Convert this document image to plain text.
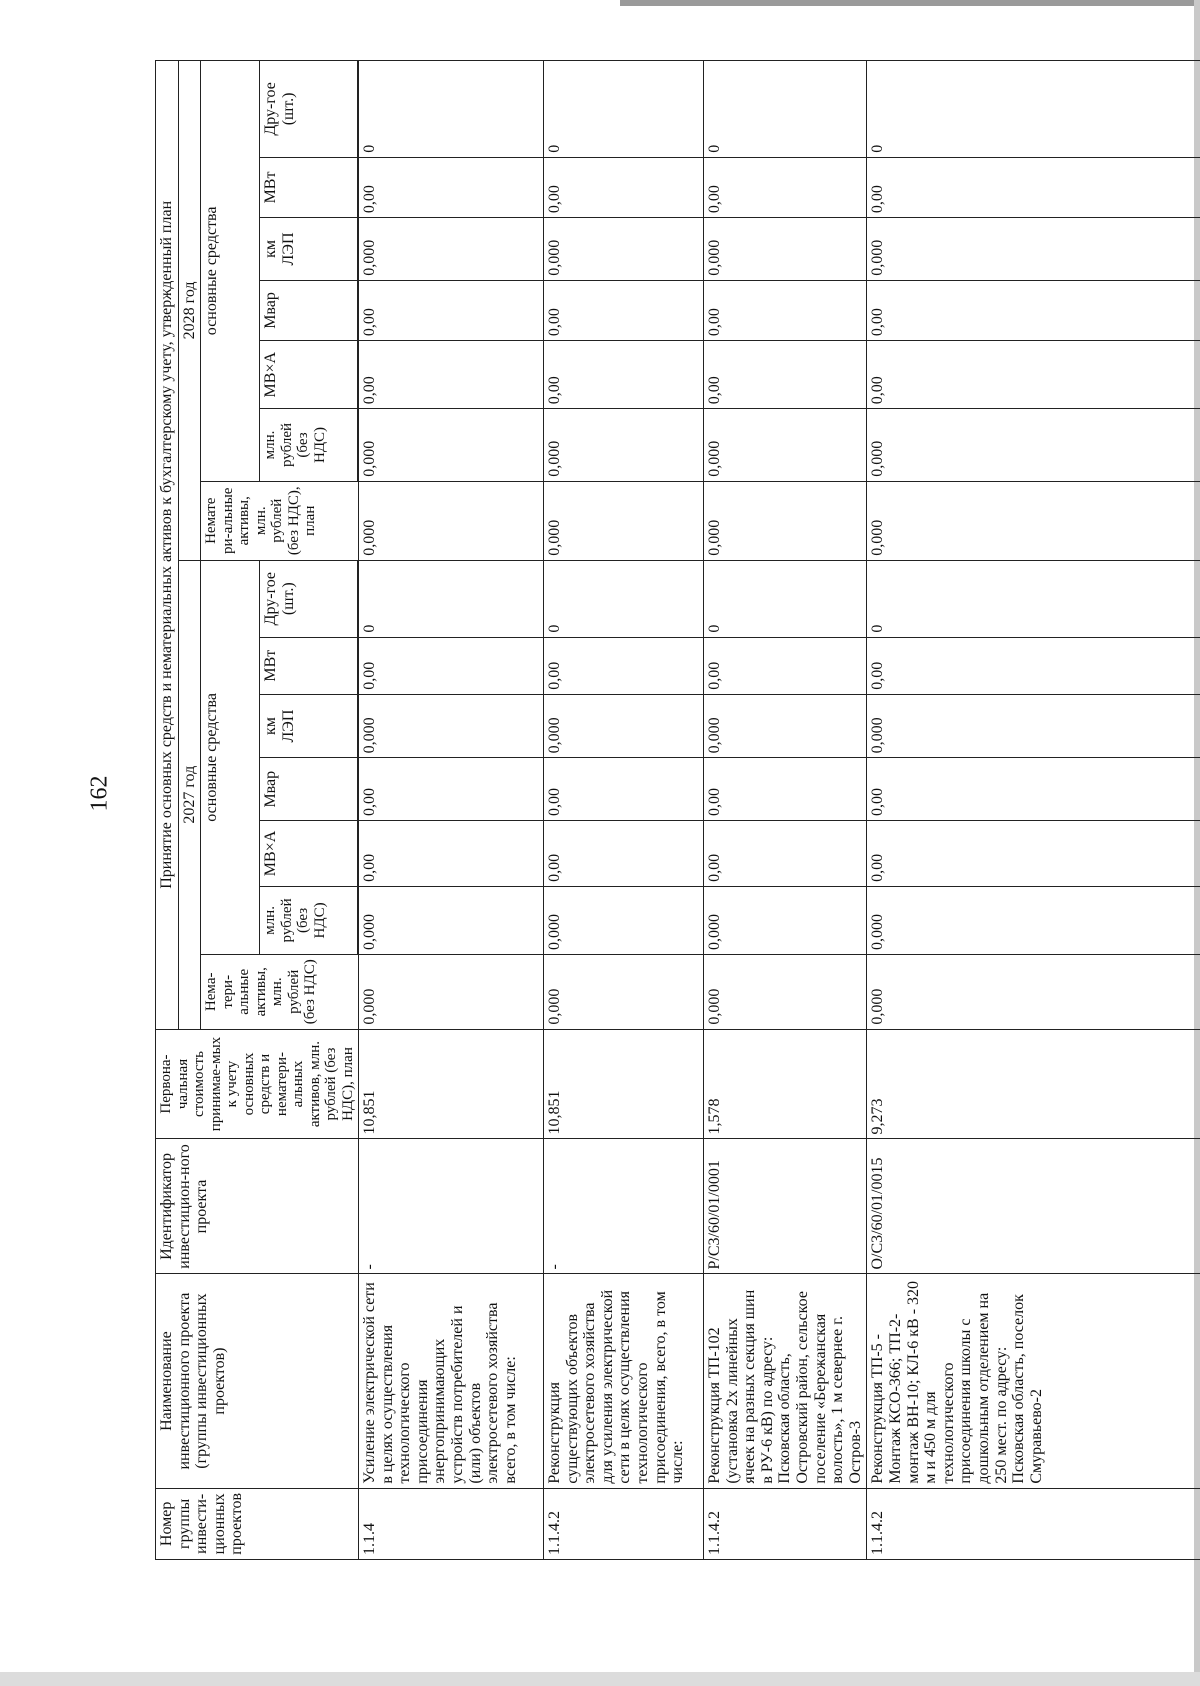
162
Номер группы инвести-ционных проектов	Наименование инвестиционного проекта (группы инвестиционных проектов)	Идентификатор инвестицион-ного проекта	Первона-чальная стоимость принимае-мых к учету основных средств и нематери-альных активов, млн. рублей (без НДС), план	Принятие основных средств и нематериальных активов к бухгалтерскому учету, утвержденный план													
				2027 год							2028 год						
				Нема-тери-альные активы, млн. рублей (без НДС)	основные средства						Немате ри-альные активы, млн. рублей (без НДС), план	основные средства					
					млн. рублей (без НДС)	МВ×А	Мвар	км ЛЭП	МВт	Дру-гое (шт.)		млн. рублей (без НДС)	МВ×А	Мвар	км ЛЭП	МВт	Дру-гое (шт.)

1.1.4	Усиление электрической сети в целях осуществления технологического присоединения энергопринимающих устройств потребителей и (или) объектов электросетевого хозяйства всего, в том числе:	-	10,851	0,000	0,000	0,00	0,00	0,000	0,00	0	0,000	0,000	0,00	0,00	0,000	0,00	0
1.1.4.2	Реконструкция существующих объектов электросетевого хозяйства для усиления электрической сети в целях осуществления технологического присоединения, всего, в том числе:	-	10,851	0,000	0,000	0,00	0,00	0,000	0,00	0	0,000	0,000	0,00	0,00	0,000	0,00	0
1.1.4.2	Реконструкция ТП-102 (установка 2х линейных ячеек на разных секция шин в РУ-6 кВ) по адресу: Псковская область, Островский район, сельское поселение «Бережанская волость», 1 м севернее г. Остров-3	P/C3/60/01/0001	1,578	0,000	0,000	0,00	0,00	0,000	0,00	0	0,000	0,000	0,00	0,00	0,000	0,00	0
1.1.4.2	Реконструкция ТП-5 - Монтаж КСО-366; ТП-2-монтаж ВН-10; КЛ-6 кВ - 320 м и 450 м для технологического присоединения школы с дошкольным отделением на 250 мест. по адресу: Псковская область, поселок Смуравьево-2	O/C3/60/01/0015	9,273	0,000	0,000	0,00	0,00	0,000	0,00	0	0,000	0,000	0,00	0,00	0,000	0,00	0
